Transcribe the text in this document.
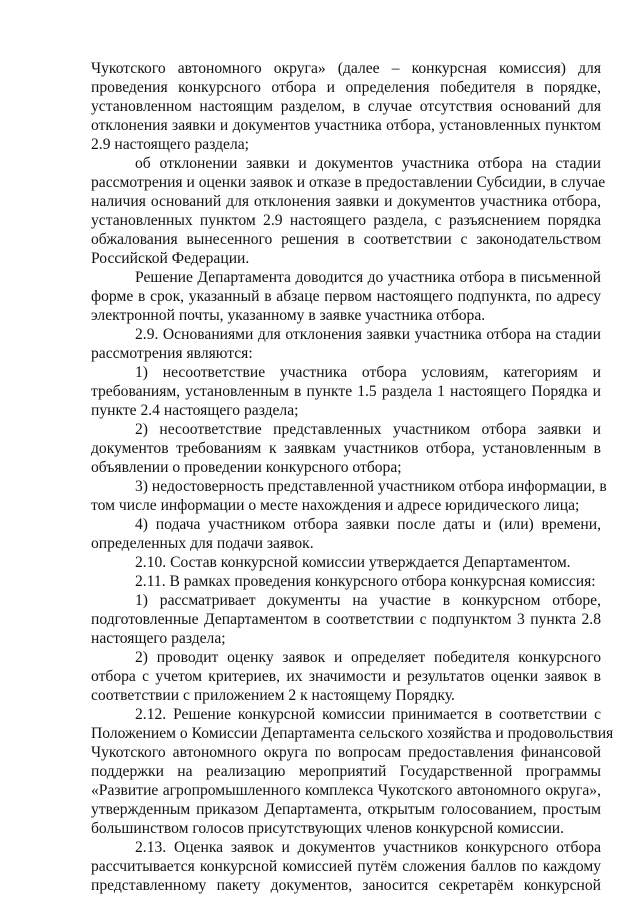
Чукотского автономного округа» (далее – конкурсная комиссия) для
проведения конкурсного отбора и определения победителя в порядке,
установленном настоящим разделом, в случае отсутствия оснований для
отклонения заявки и документов участника отбора, установленных пунктом
2.9 настоящего раздела;
об отклонении заявки и документов участника отбора на стадии
рассмотрения и оценки заявок и отказе в предоставлении Субсидии, в случае
наличия оснований для отклонения заявки и документов участника отбора,
установленных пунктом 2.9 настоящего раздела, с разъяснением порядка
обжалования вынесенного решения в соответствии с законодательством
Российской Федерации.
Решение Департамента доводится до участника отбора в письменной
форме в срок, указанный в абзаце первом настоящего подпункта, по адресу
электронной почты, указанному в заявке участника отбора.
2.9. Основаниями для отклонения заявки участника отбора на стадии
рассмотрения являются:
1) несоответствие участника отбора условиям, категориям и
требованиям, установленным в пункте 1.5 раздела 1 настоящего Порядка и
пункте 2.4 настоящего раздела;
2) несоответствие представленных участником отбора заявки и
документов требованиям к заявкам участников отбора, установленным в
объявлении о проведении конкурсного отбора;
3) недостоверность представленной участником отбора информации, в
том числе информации о месте нахождения и адресе юридического лица;
4) подача участником отбора заявки после даты и (или) времени,
определенных для подачи заявок.
2.10. Состав конкурсной комиссии утверждается Департаментом.
2.11. В рамках проведения конкурсного отбора конкурсная комиссия:
1) рассматривает документы на участие в конкурсном отборе,
подготовленные Департаментом в соответствии с подпунктом 3 пункта 2.8
настоящего раздела;
2) проводит оценку заявок и определяет победителя конкурсного
отбора с учетом критериев, их значимости и результатов оценки заявок в
соответствии с приложением 2 к настоящему Порядку.
2.12. Решение конкурсной комиссии принимается в соответствии с
Положением о Комиссии Департамента сельского хозяйства и продовольствия
Чукотского автономного округа по вопросам предоставления финансовой
поддержки на реализацию мероприятий Государственной программы
«Развитие агропромышленного комплекса Чукотского автономного округа»,
утвержденным приказом Департамента, открытым голосованием, простым
большинством голосов присутствующих членов конкурсной комиссии.
2.13. Оценка заявок и документов участников конкурсного отбора
рассчитывается конкурсной комиссией путём сложения баллов по каждому
представленному пакету документов, заносится секретарём конкурсной
